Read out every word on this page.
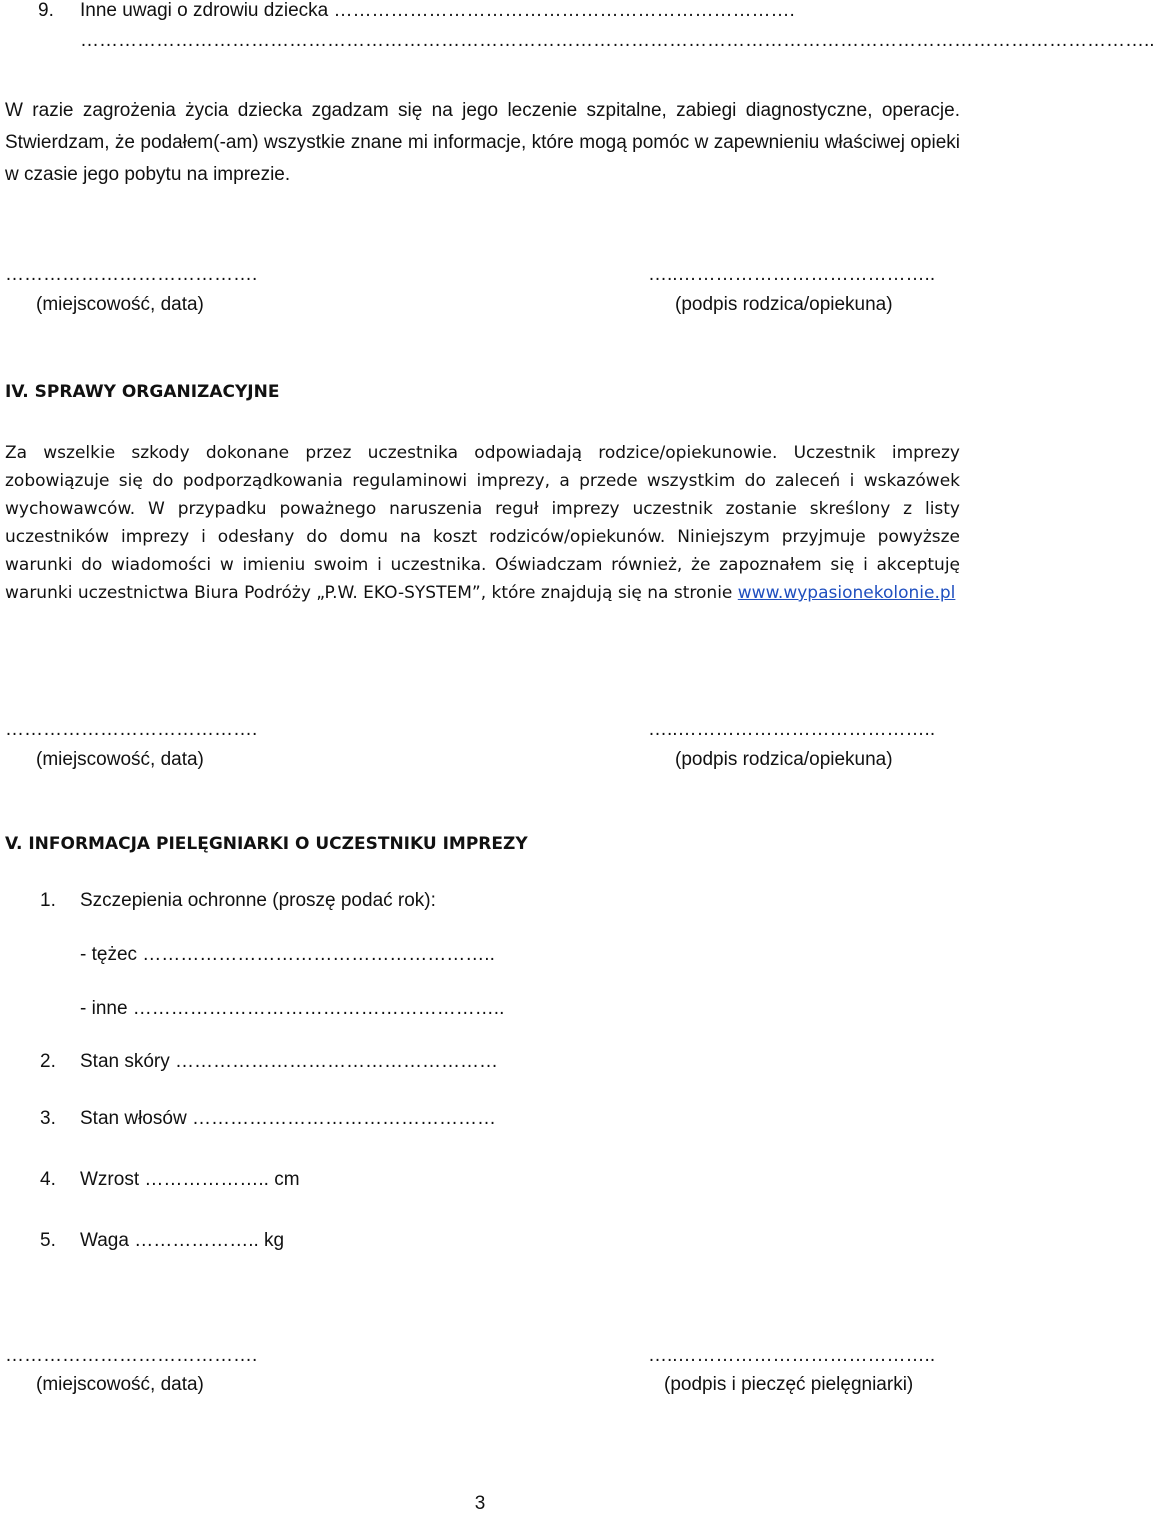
9. Inne uwagi o zdrowiu dziecka ……………………………………………………………….
……………………………………………………………………………………………………………………………………………………..
W razie zagrożenia życia dziecka zgadzam się na jego leczenie szpitalne, zabiegi diagnostyczne, operacje. Stwierdzam, że podałem(-am) wszystkie znane mi informacje, które mogą pomóc w zapewnieniu właściwej opieki w czasie jego pobytu na imprezie.
………………………………….
(miejscowość, data)
…..…………………………………..
(podpis rodzica/opiekuna)
IV. SPRAWY ORGANIZACYJNE
Za wszelkie szkody dokonane przez uczestnika odpowiadają rodzice/opiekunowie. Uczestnik imprezy zobowiązuje się do podporządkowania regulaminowi imprezy, a przede wszystkim do zaleceń i wskazówek wychowawców. W przypadku poważnego naruszenia reguł imprezy uczestnik zostanie skreślony z listy uczestników imprezy i odesłany do domu na koszt rodziców/opiekunów. Niniejszym przyjmuje powyższe warunki do wiadomości w imieniu swoim i uczestnika. Oświadczam również, że zapoznałem się i akceptuję warunki uczestnictwa Biura Podróży „P.W. EKO-SYSTEM”, które znajdują się na stronie www.wypasionekolonie.pl
………………………………….
(miejscowość, data)
…..…………………………………..
(podpis rodzica/opiekuna)
V. INFORMACJA PIELĘGNIARKI O UCZESTNIKU IMPREZY
1. Szczepienia ochronne (proszę podać rok):
- tężec ………………………………………………..
- inne …………………………………………………..
2. Stan skóry ……………………………………………
3. Stan włosów …………………………………………
4. Wzrost ……………….. cm
5. Waga ……………….. kg
………………………………….
(miejscowość, data)
…..…………………………………..
(podpis i pieczęć pielęgniarki)
3
